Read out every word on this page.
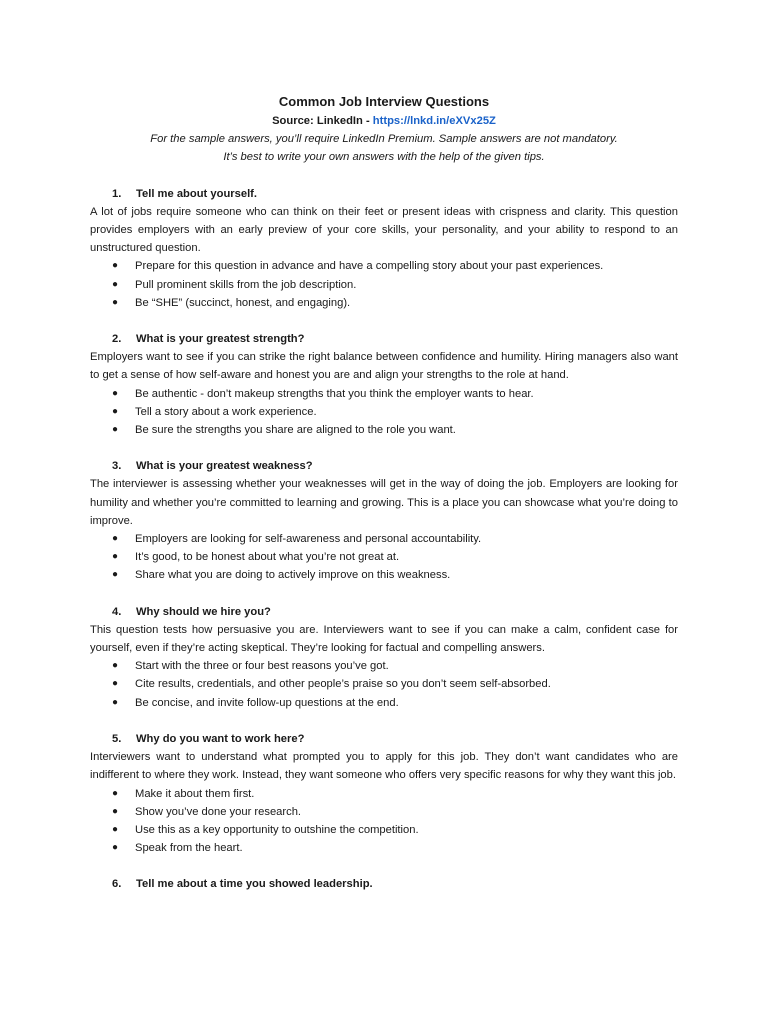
Common Job Interview Questions

Source: LinkedIn - https://lnkd.in/eXVx25Z

For the sample answers, you’ll require LinkedIn Premium. Sample answers are not mandatory.

It’s best to write your own answers with the help of the given tips.

1.	Tell me about yourself.

A lot of jobs require someone who can think on their feet or present ideas with crispness and clarity. This question provides employers with an early preview of your core skills, your personality, and your ability to respond to an unstructured question.

●	Prepare for this question in advance and have a compelling story about your past experiences.
●	Pull prominent skills from the job description.
●	Be “SHE” (succinct, honest, and engaging).

2.	What is your greatest strength?

Employers want to see if you can strike the right balance between confidence and humility. Hiring managers also want to get a sense of how self-aware and honest you are and align your strengths to the role at hand.

●	Be authentic - don’t makeup strengths that you think the employer wants to hear.
●	Tell a story about a work experience.
●	Be sure the strengths you share are aligned to the role you want.

3.	What is your greatest weakness?

The interviewer is assessing whether your weaknesses will get in the way of doing the job. Employers are looking for humility and whether you’re committed to learning and growing. This is a place you can showcase what you’re doing to improve.

●	Employers are looking for self-awareness and personal accountability.
●	It’s good, to be honest about what you’re not great at.
●	Share what you are doing to actively improve on this weakness.

4.	Why should we hire you?

This question tests how persuasive you are. Interviewers want to see if you can make a calm, confident case for yourself, even if they’re acting skeptical. They’re looking for factual and compelling answers.

●	Start with the three or four best reasons you’ve got.
●	Cite results, credentials, and other people’s praise so you don’t seem self-absorbed.
●	Be concise, and invite follow-up questions at the end.

5.	Why do you want to work here?

Interviewers want to understand what prompted you to apply for this job. They don’t want candidates who are indifferent to where they work. Instead, they want someone who offers very specific reasons for why they want this job.

●	Make it about them first.
●	Show you’ve done your research.
●	Use this as a key opportunity to outshine the competition.
●	Speak from the heart.

6.	Tell me about a time you showed leadership.
